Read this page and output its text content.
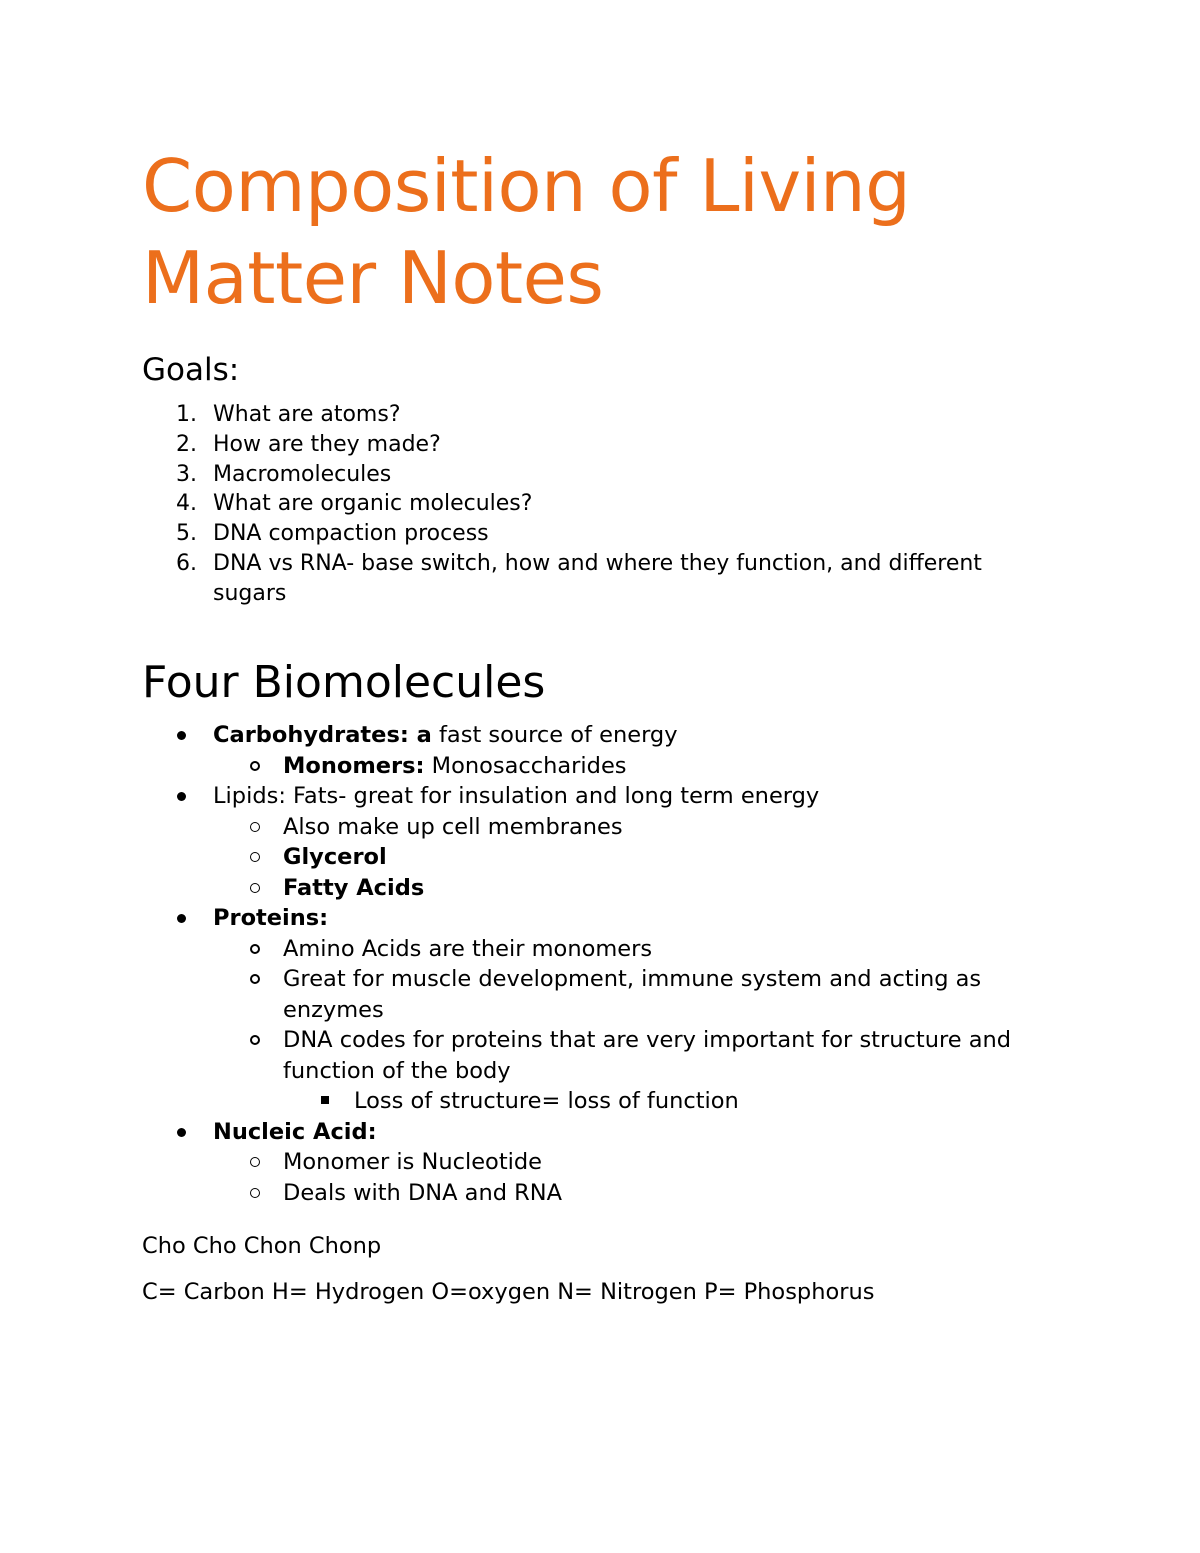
Composition of Living Matter Notes
Goals:
1. What are atoms?
2. How are they made?
3. Macromolecules
4. What are organic molecules?
5. DNA compaction process
6. DNA vs RNA- base switch, how and where they function, and different sugars
Four Biomolecules
Carbohydrates: a fast source of energy
Monomers: Monosaccharides
Lipids: Fats- great for insulation and long term energy
Also make up cell membranes
Glycerol
Fatty Acids
Proteins:
Amino Acids are their monomers
Great for muscle development, immune system and acting as enzymes
DNA codes for proteins that are very important for structure and function of the body
Loss of structure= loss of function
Nucleic Acid:
Monomer is Nucleotide
Deals with DNA and RNA
Cho Cho Chon Chonp
C= Carbon H= Hydrogen O=oxygen N= Nitrogen P= Phosphorus
